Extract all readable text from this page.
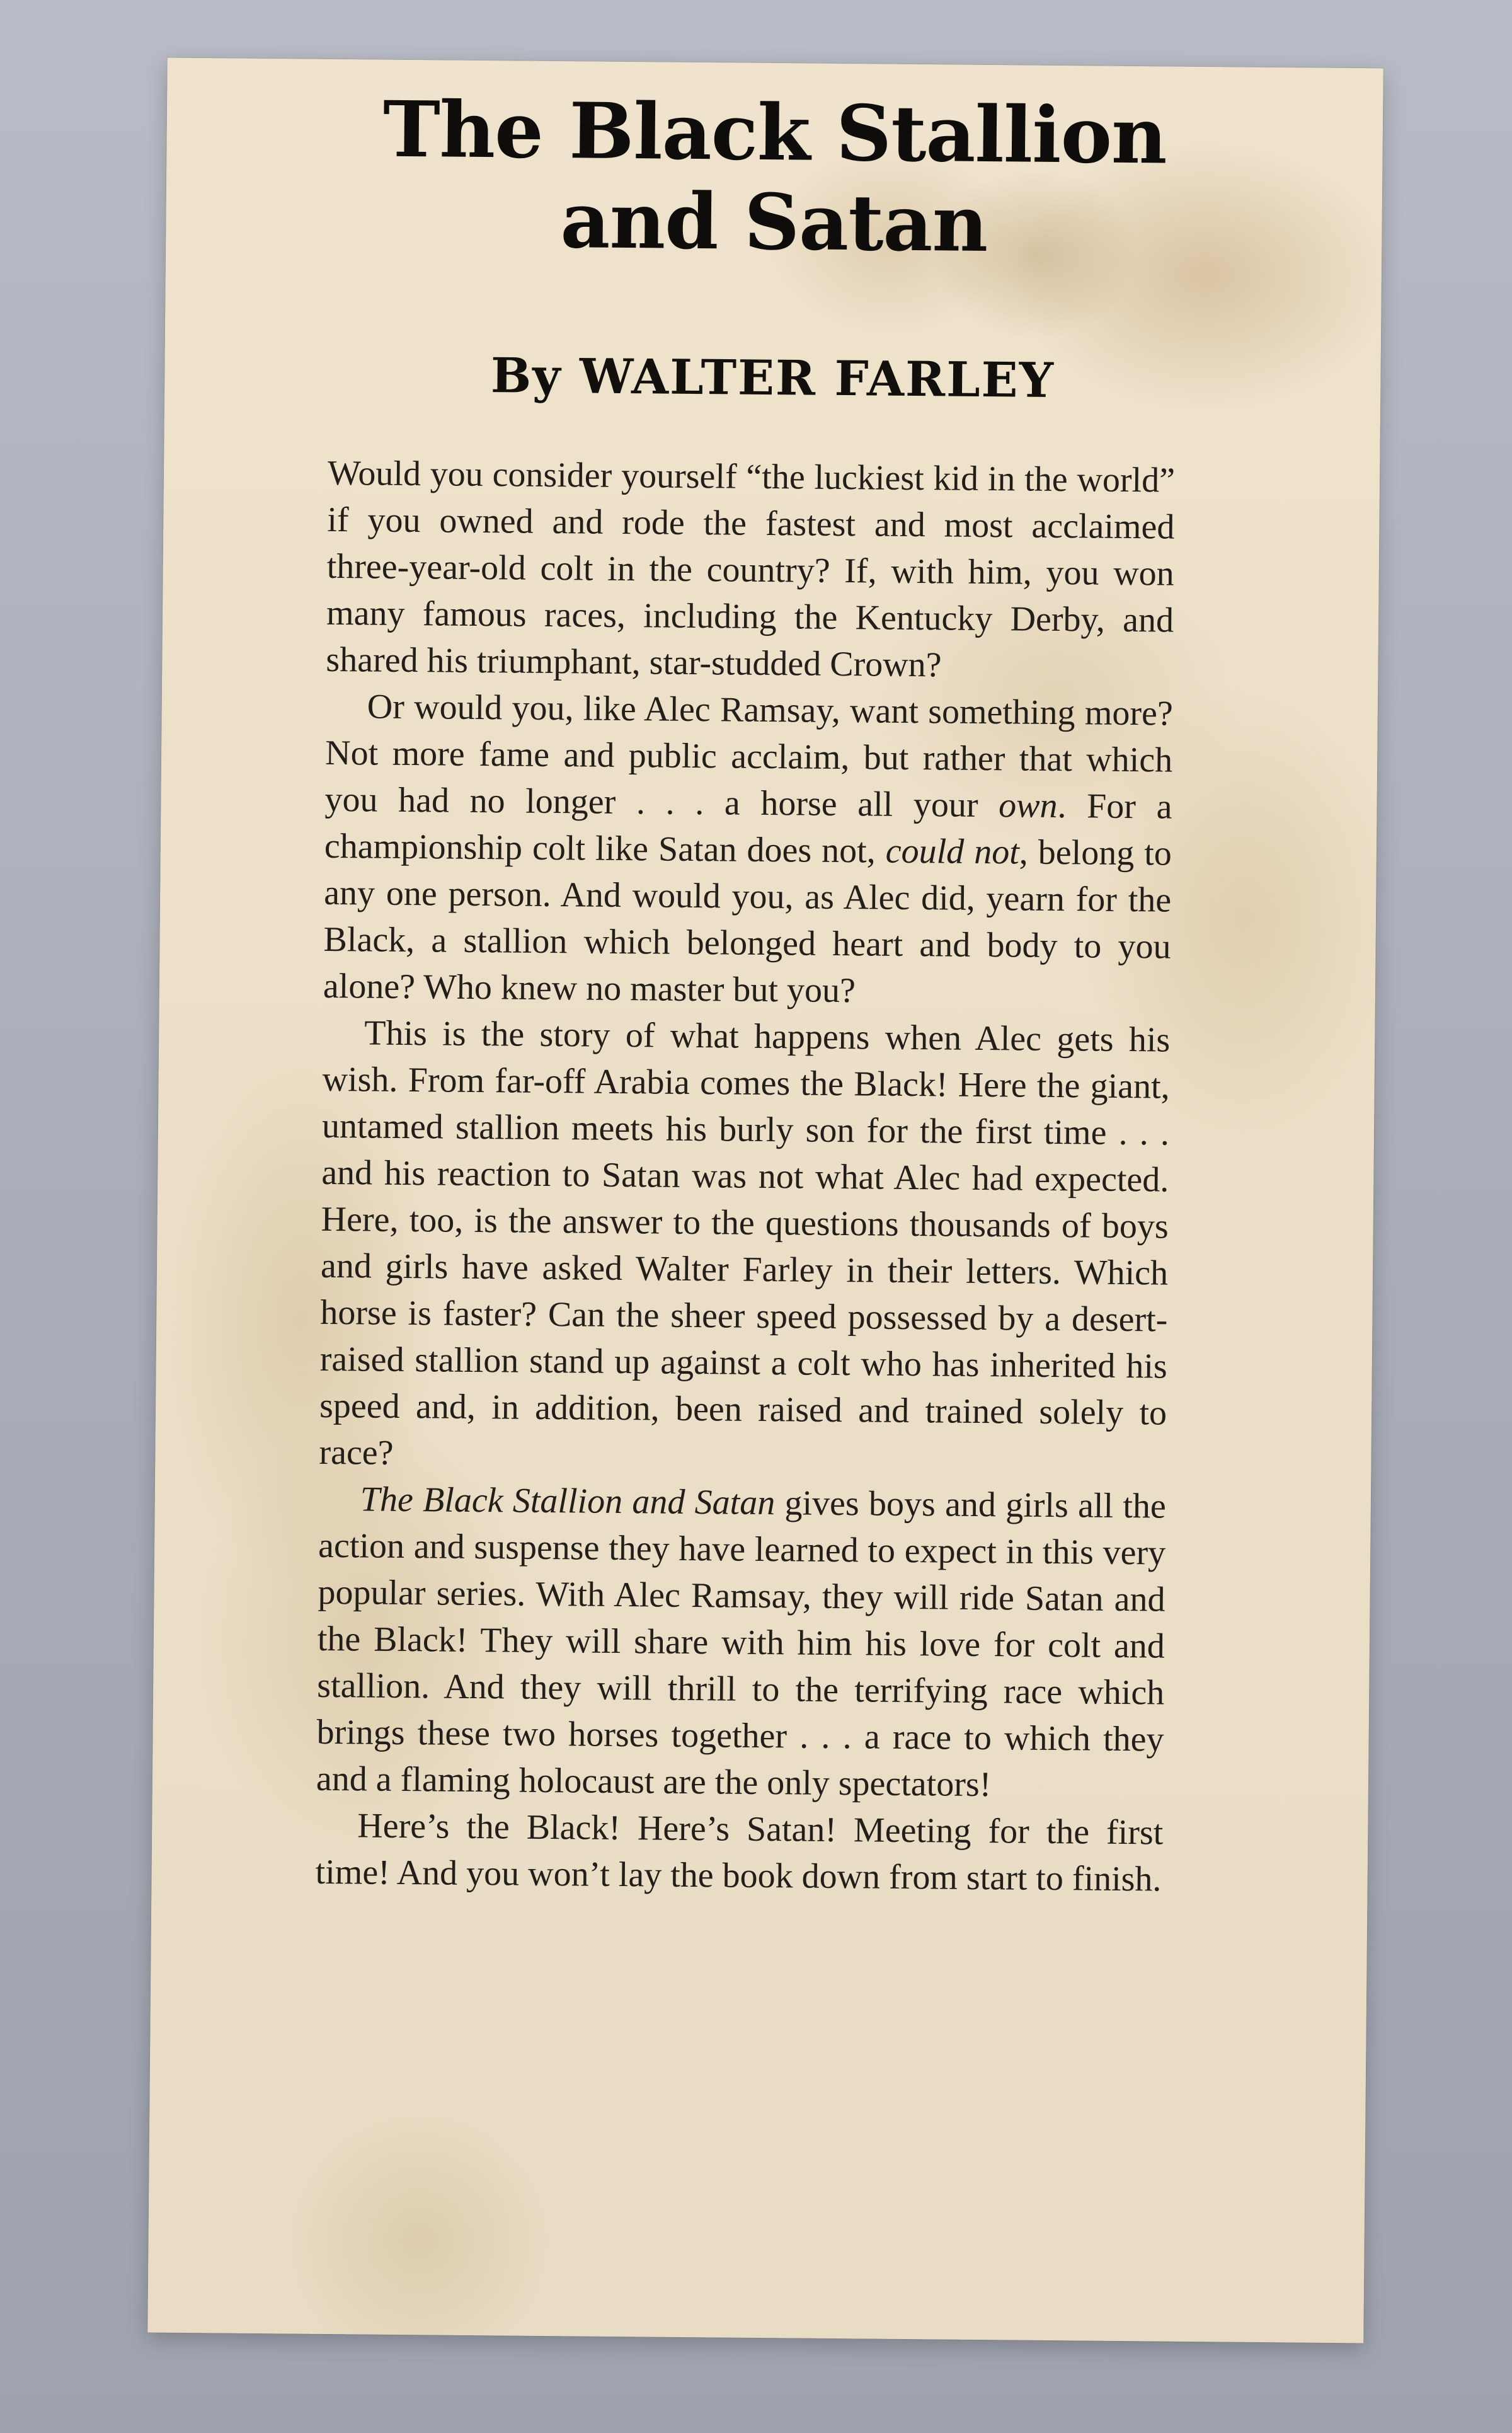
The Black Stallion
and Satan
By WALTER FARLEY

Would you consider yourself “the luckiest kid in the world” if you owned and rode the fastest and most acclaimed three-year-old colt in the country? If, with him, you won many famous races, including the Kentucky Derby, and shared his triumphant, star-studded Crown?

Or would you, like Alec Ramsay, want something more? Not more fame and public acclaim, but rather that which you had no longer . . . a horse all your own. For a championship colt like Satan does not, could not, belong to any one person. And would you, as Alec did, yearn for the Black, a stallion which belonged heart and body to you alone? Who knew no master but you?

This is the story of what happens when Alec gets his wish. From far-off Arabia comes the Black! Here the giant, untamed stallion meets his burly son for the first time . . . and his reaction to Satan was not what Alec had expected. Here, too, is the answer to the questions thousands of boys and girls have asked Walter Farley in their letters. Which horse is faster? Can the sheer speed possessed by a desert-raised stallion stand up against a colt who has inherited his speed and, in addition, been raised and trained solely to race?

The Black Stallion and Satan gives boys and girls all the action and suspense they have learned to expect in this very popular series. With Alec Ramsay, they will ride Satan and the Black! They will share with him his love for colt and stallion. And they will thrill to the terrifying race which brings these two horses together . . . a race to which they and a flaming holocaust are the only spectators!

Here’s the Black! Here’s Satan! Meeting for the first time! And you won’t lay the book down from start to finish.
